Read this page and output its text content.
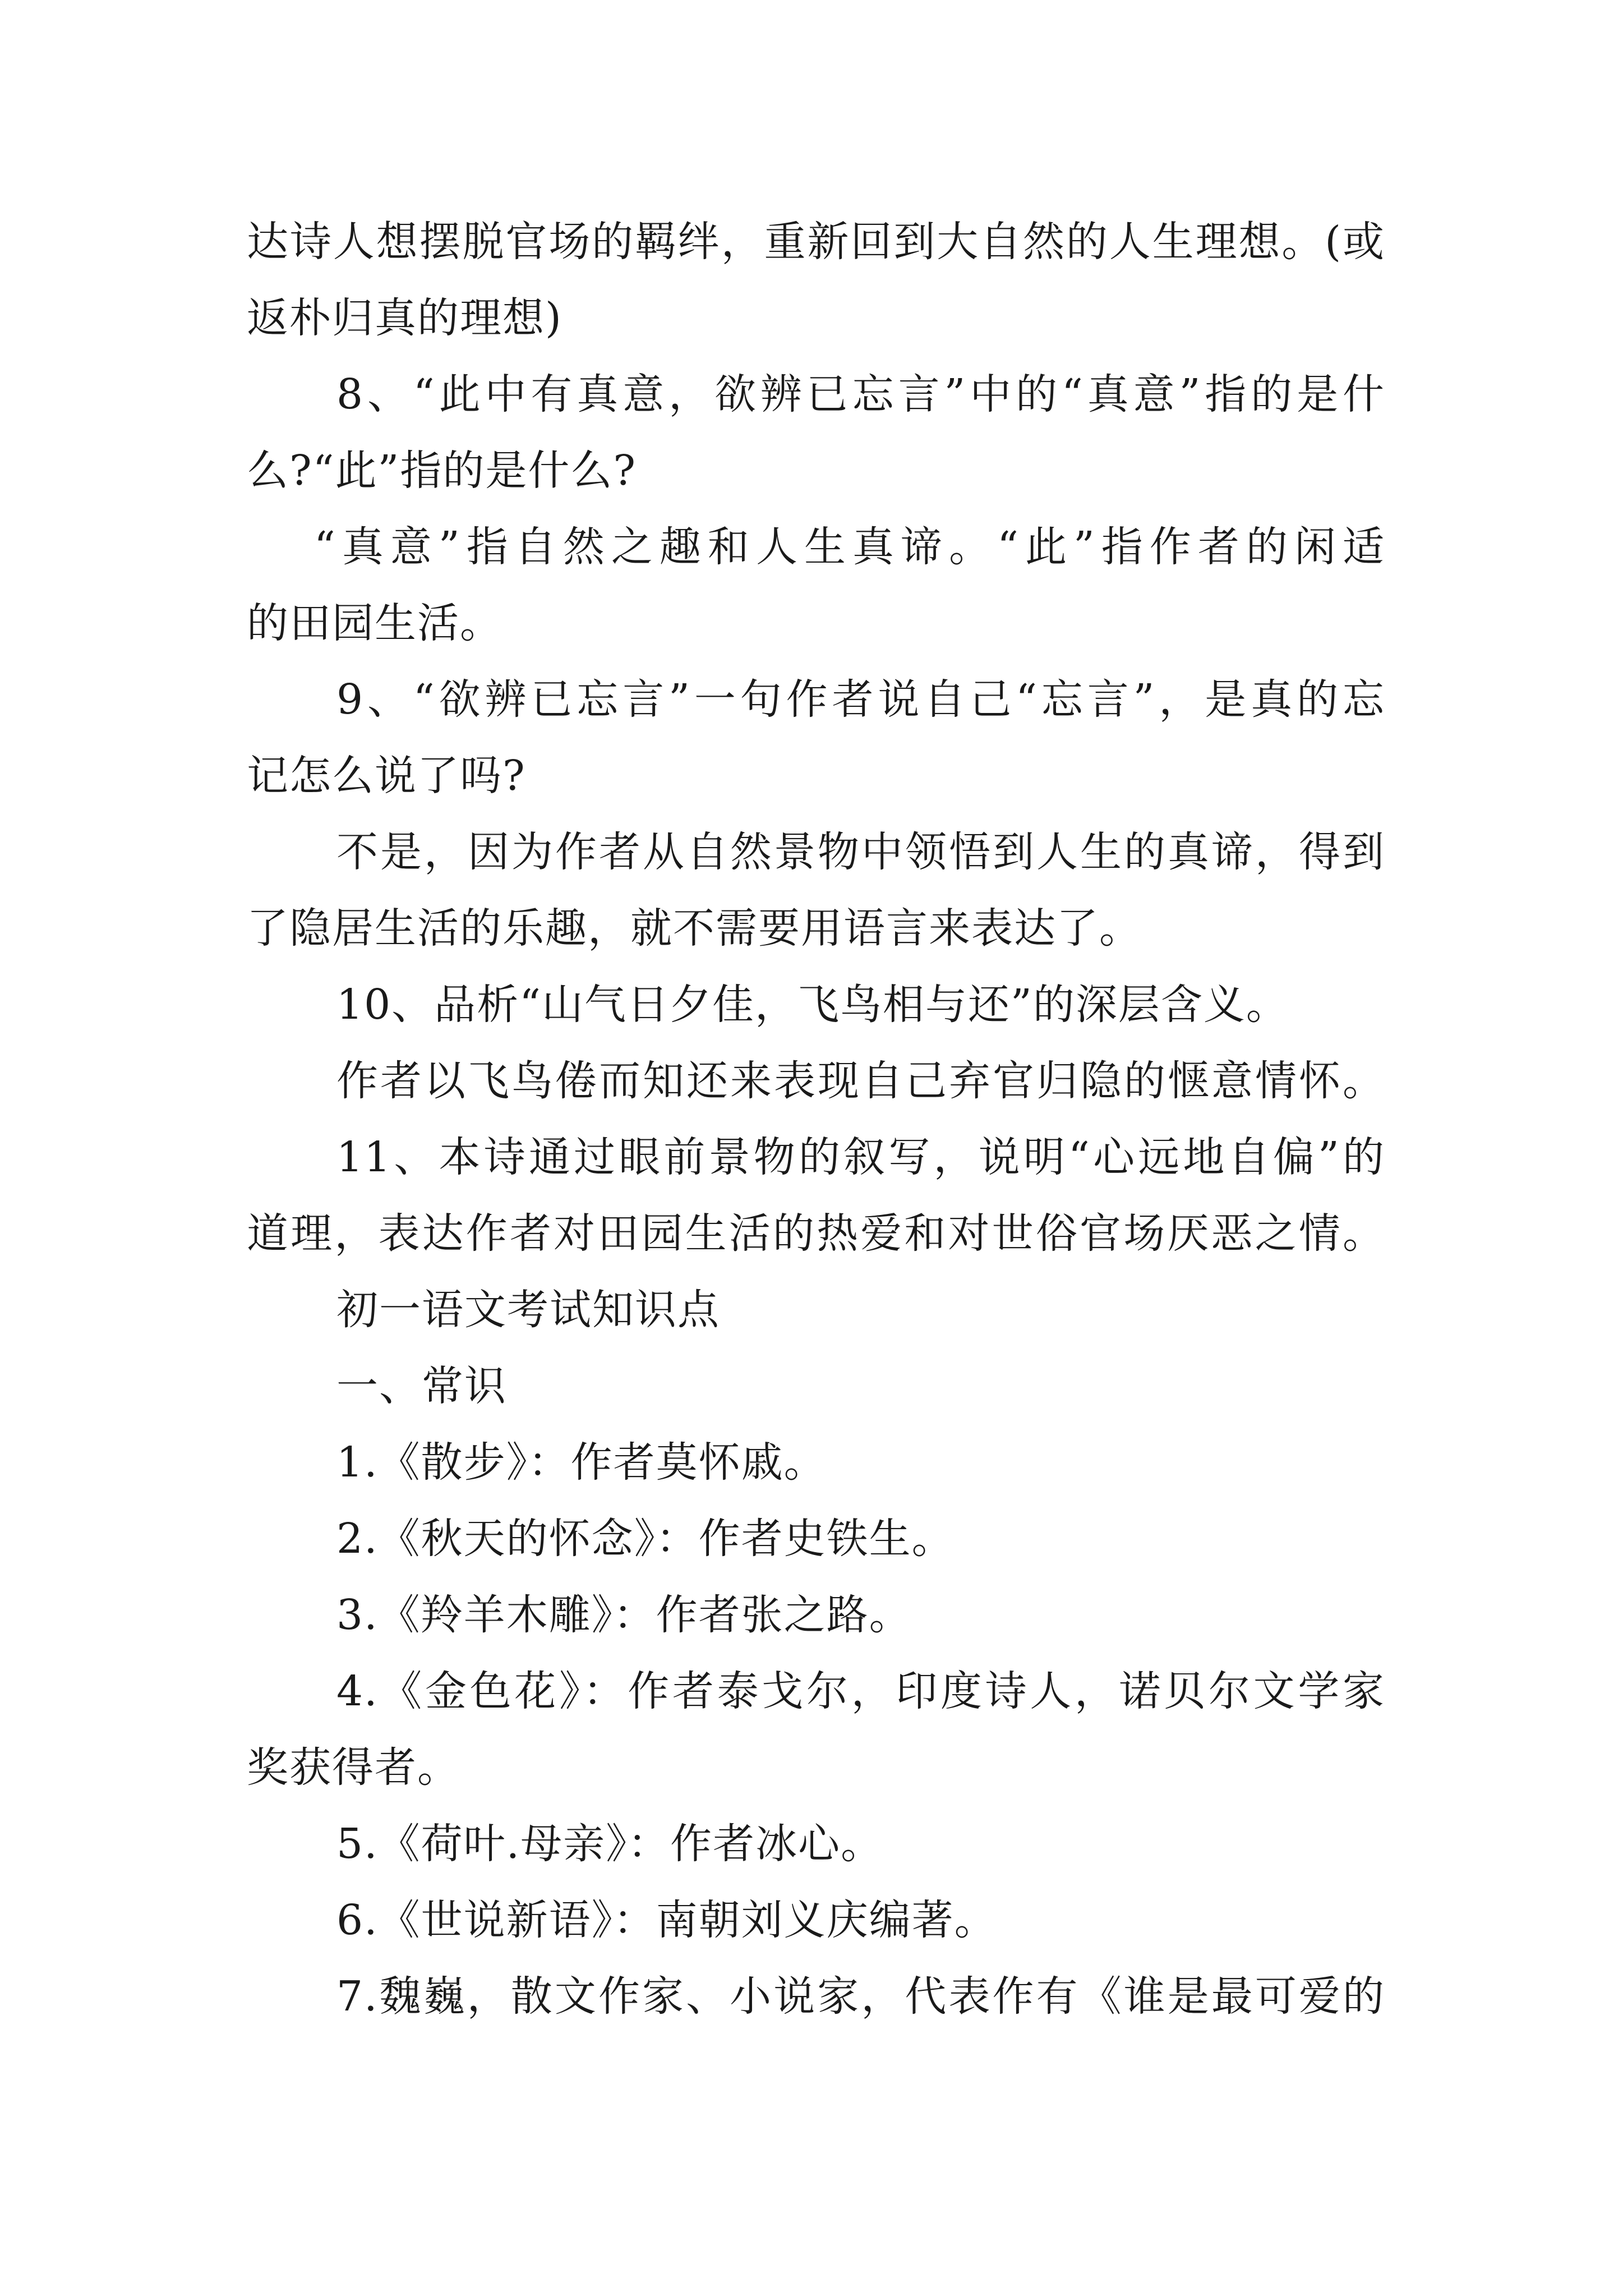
达诗人想摆脱官场的羁绊，重新回到大自然的人生理想。(或
返朴归真的理想)
8、“此中有真意，欲辨已忘言”中的“真意”指的是什
么?“此”指的是什么?
“真意”指自然之趣和人生真谛。“此”指作者的闲适
的田园生活。
9、“欲辨已忘言”一句作者说自己“忘言”，是真的忘
记怎么说了吗?
不是，因为作者从自然景物中领悟到人生的真谛，得到
了隐居生活的乐趣，就不需要用语言来表达了。
10、品析“山气日夕佳，飞鸟相与还”的深层含义。
作者以飞鸟倦而知还来表现自己弃官归隐的惬意情怀。
11、本诗通过眼前景物的叙写，说明“心远地自偏”的
道理，表达作者对田园生活的热爱和对世俗官场厌恶之情。
初一语文考试知识点
一、常识
1.《散步》：作者莫怀戚。
2.《秋天的怀念》：作者史铁生。
3.《羚羊木雕》：作者张之路。
4.《金色花》：作者泰戈尔，印度诗人，诺贝尔文学家
奖获得者。
5.《荷叶.母亲》：作者冰心。
6.《世说新语》：南朝刘义庆编著。
7.魏巍，散文作家、小说家，代表作有《谁是最可爱的
